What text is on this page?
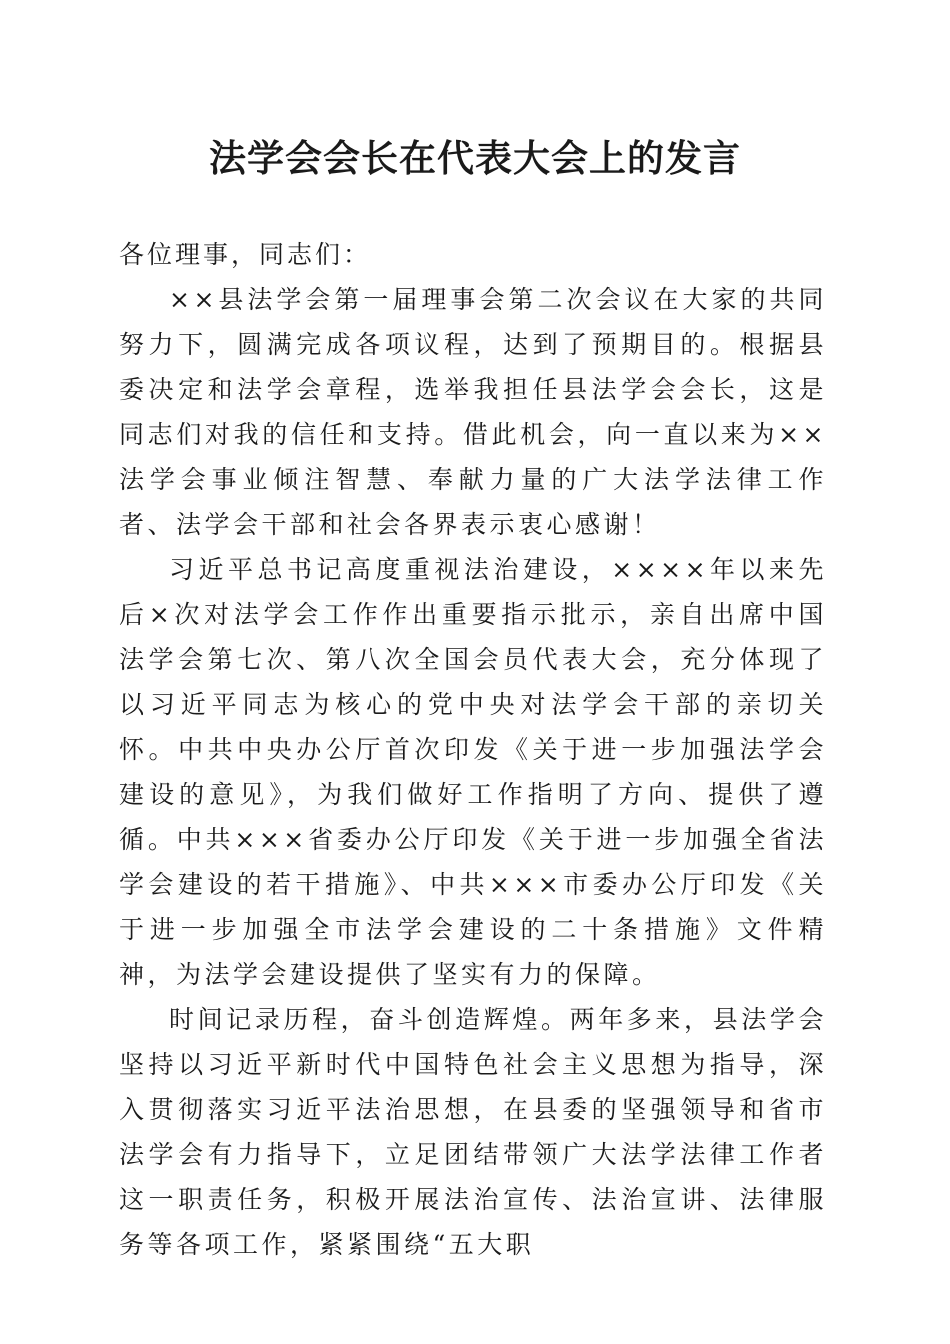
法学会会长在代表大会上的发言

各位理事，同志们：

××县法学会第一届理事会第二次会议在大家的共同努力下，圆满完成各项议程，达到了预期目的。根据县委决定和法学会章程，选举我担任县法学会会长，这是同志们对我的信任和支持。借此机会，向一直以来为××法学会事业倾注智慧、奉献力量的广大法学法律工作者、法学会干部和社会各界表示衷心感谢！

习近平总书记高度重视法治建设，××××年以来先后×次对法学会工作作出重要指示批示，亲自出席中国法学会第七次、第八次全国会员代表大会，充分体现了以习近平同志为核心的党中央对法学会干部的亲切关怀。中共中央办公厅首次印发《关于进一步加强法学会建设的意见》，为我们做好工作指明了方向、提供了遵循。中共×××省委办公厅印发《关于进一步加强全省法学会建设的若干措施》、中共×××市委办公厅印发《关于进一步加强全市法学会建设的二十条措施》文件精神，为法学会建设提供了坚实有力的保障。

时间记录历程，奋斗创造辉煌。两年多来，县法学会坚持以习近平新时代中国特色社会主义思想为指导，深入贯彻落实习近平法治思想，在县委的坚强领导和省市法学会有力指导下，立足团结带领广大法学法律工作者这一职责任务，积极开展法治宣传、法治宣讲、法律服务等各项工作，紧紧围绕“五大职
